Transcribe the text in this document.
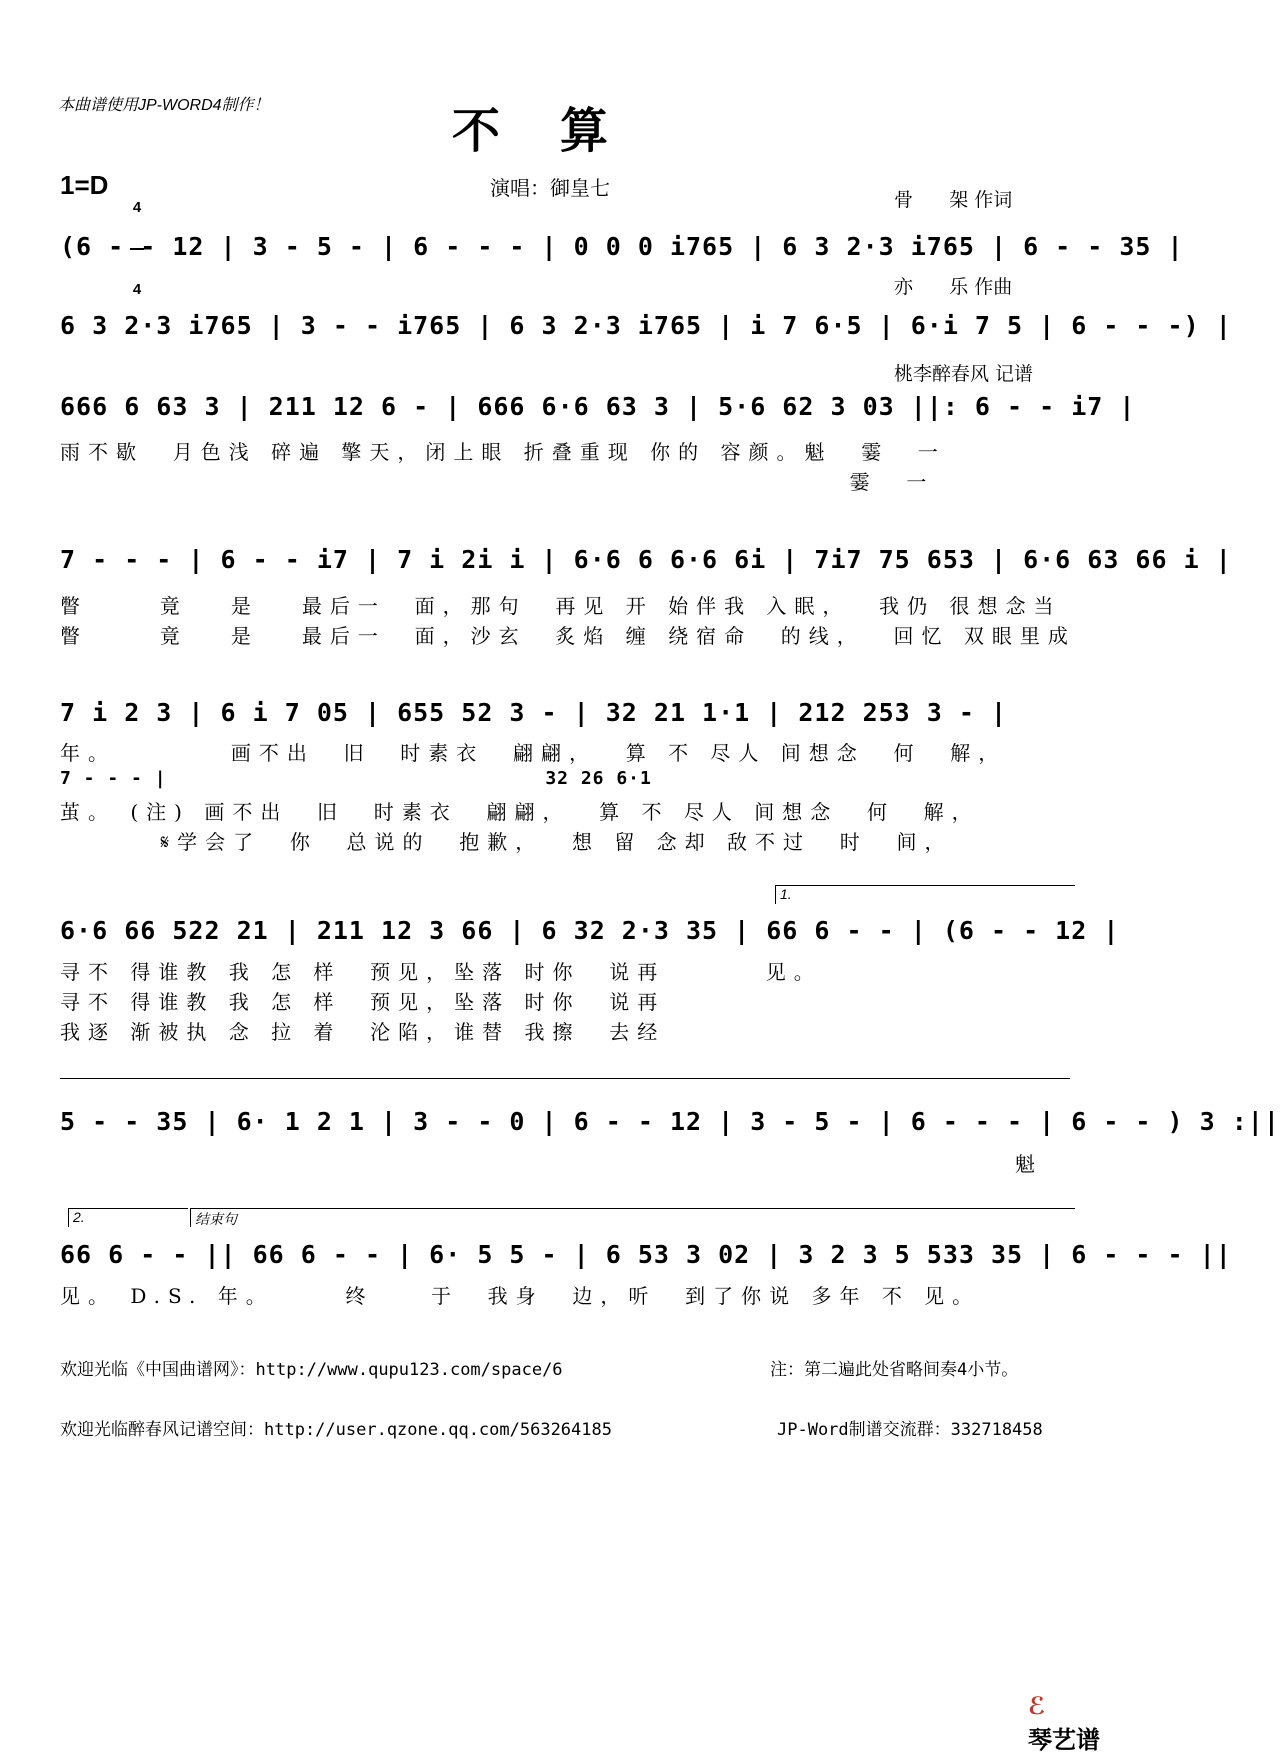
本曲谱使用JP-WORD4制作！	不算

骨      架 作词

亦      乐 作曲

桃李醉春风 记谱

1=D

4

4

演唱：御皇七
(6 - - 12 | 3 - 5 - | 6 - - - | 0 0 0 i765 | 6 3 2·3 i765 | 6 - - 35 |
6 3 2·3 i765 | 3 - - i765 | 6 3 2·3 i765 | i 7 6·5 | 6·i 7 5 | 6 - - -) |
666 6 63 3 | 211 12 6 - | 666 6·6 63 3 | 5·6 62 3 03 ||: 6 - - i7 |
雨不歇  月色浅 碎遍 擎天，闭上眼 折叠重现 你的 容颜。魁  霎  一
霎  一
7 - - - | 6 - - i7 | 7 i 2i i | 6·6 6 6·6 6i | 7i7 75 653 | 6·6 63 66 i |
瞥     竟   是   最后一  面，那句  再见 开 始伴我 入眠，  我仍 很想念当
瞥     竟   是   最后一  面，沙玄  炙焰 缠 绕宿命  的线，  回忆 双眼里成
7 i 2 3 | 6 i 7 05 | 655 52 3 - | 32 21 1·1 | 212 253 3 - |
年。        画不出  旧  时素衣  翩翩，  算 不 尽人 间想念  何  解，
7 - - - |                                32 26 6·1
茧。 (注) 画不出  旧  时素衣  翩翩，  算 不 尽人 间想念  何  解，
𝄋学会了  你  总说的  抱歉，  想 留 念却 敌不过  时  间，
1.
6·6 66 522 21 | 211 12 3 66 | 6 32 2·3 35 | 66 6 - - | (6 - - 12 |
寻不 得谁教 我 怎 样  预见，坠落 时你  说再       见。
寻不 得谁教 我 怎 样  预见，坠落 时你  说再
我逐 渐被执 念 拉 着  沦陷，谁替 我擦  去经
5 - - 35 | 6· 1 2 1 | 3 - - 0 | 6 - - 12 | 3 - 5 - | 6 - - - | 6 - - ) 3 :||
魁
2.	结束句
66 6 - - || 66 6 - - | 6· 5 5 - | 6 53 3 02 | 3 2 3 5 533 35 | 6 - - - ||
见。 D.S. 年。     终    于  我身  边，听  到了你说 多年 不 见。
欢迎光临《中国曲谱网》：http://www.qupu123.com/space/6	注：第二遍此处省略间奏4小节。
欢迎光临醉春风记谱空间：http://user.qzone.qq.com/563264185	JP-Word制谱交流群：332718458

ℰ
琴艺谱
